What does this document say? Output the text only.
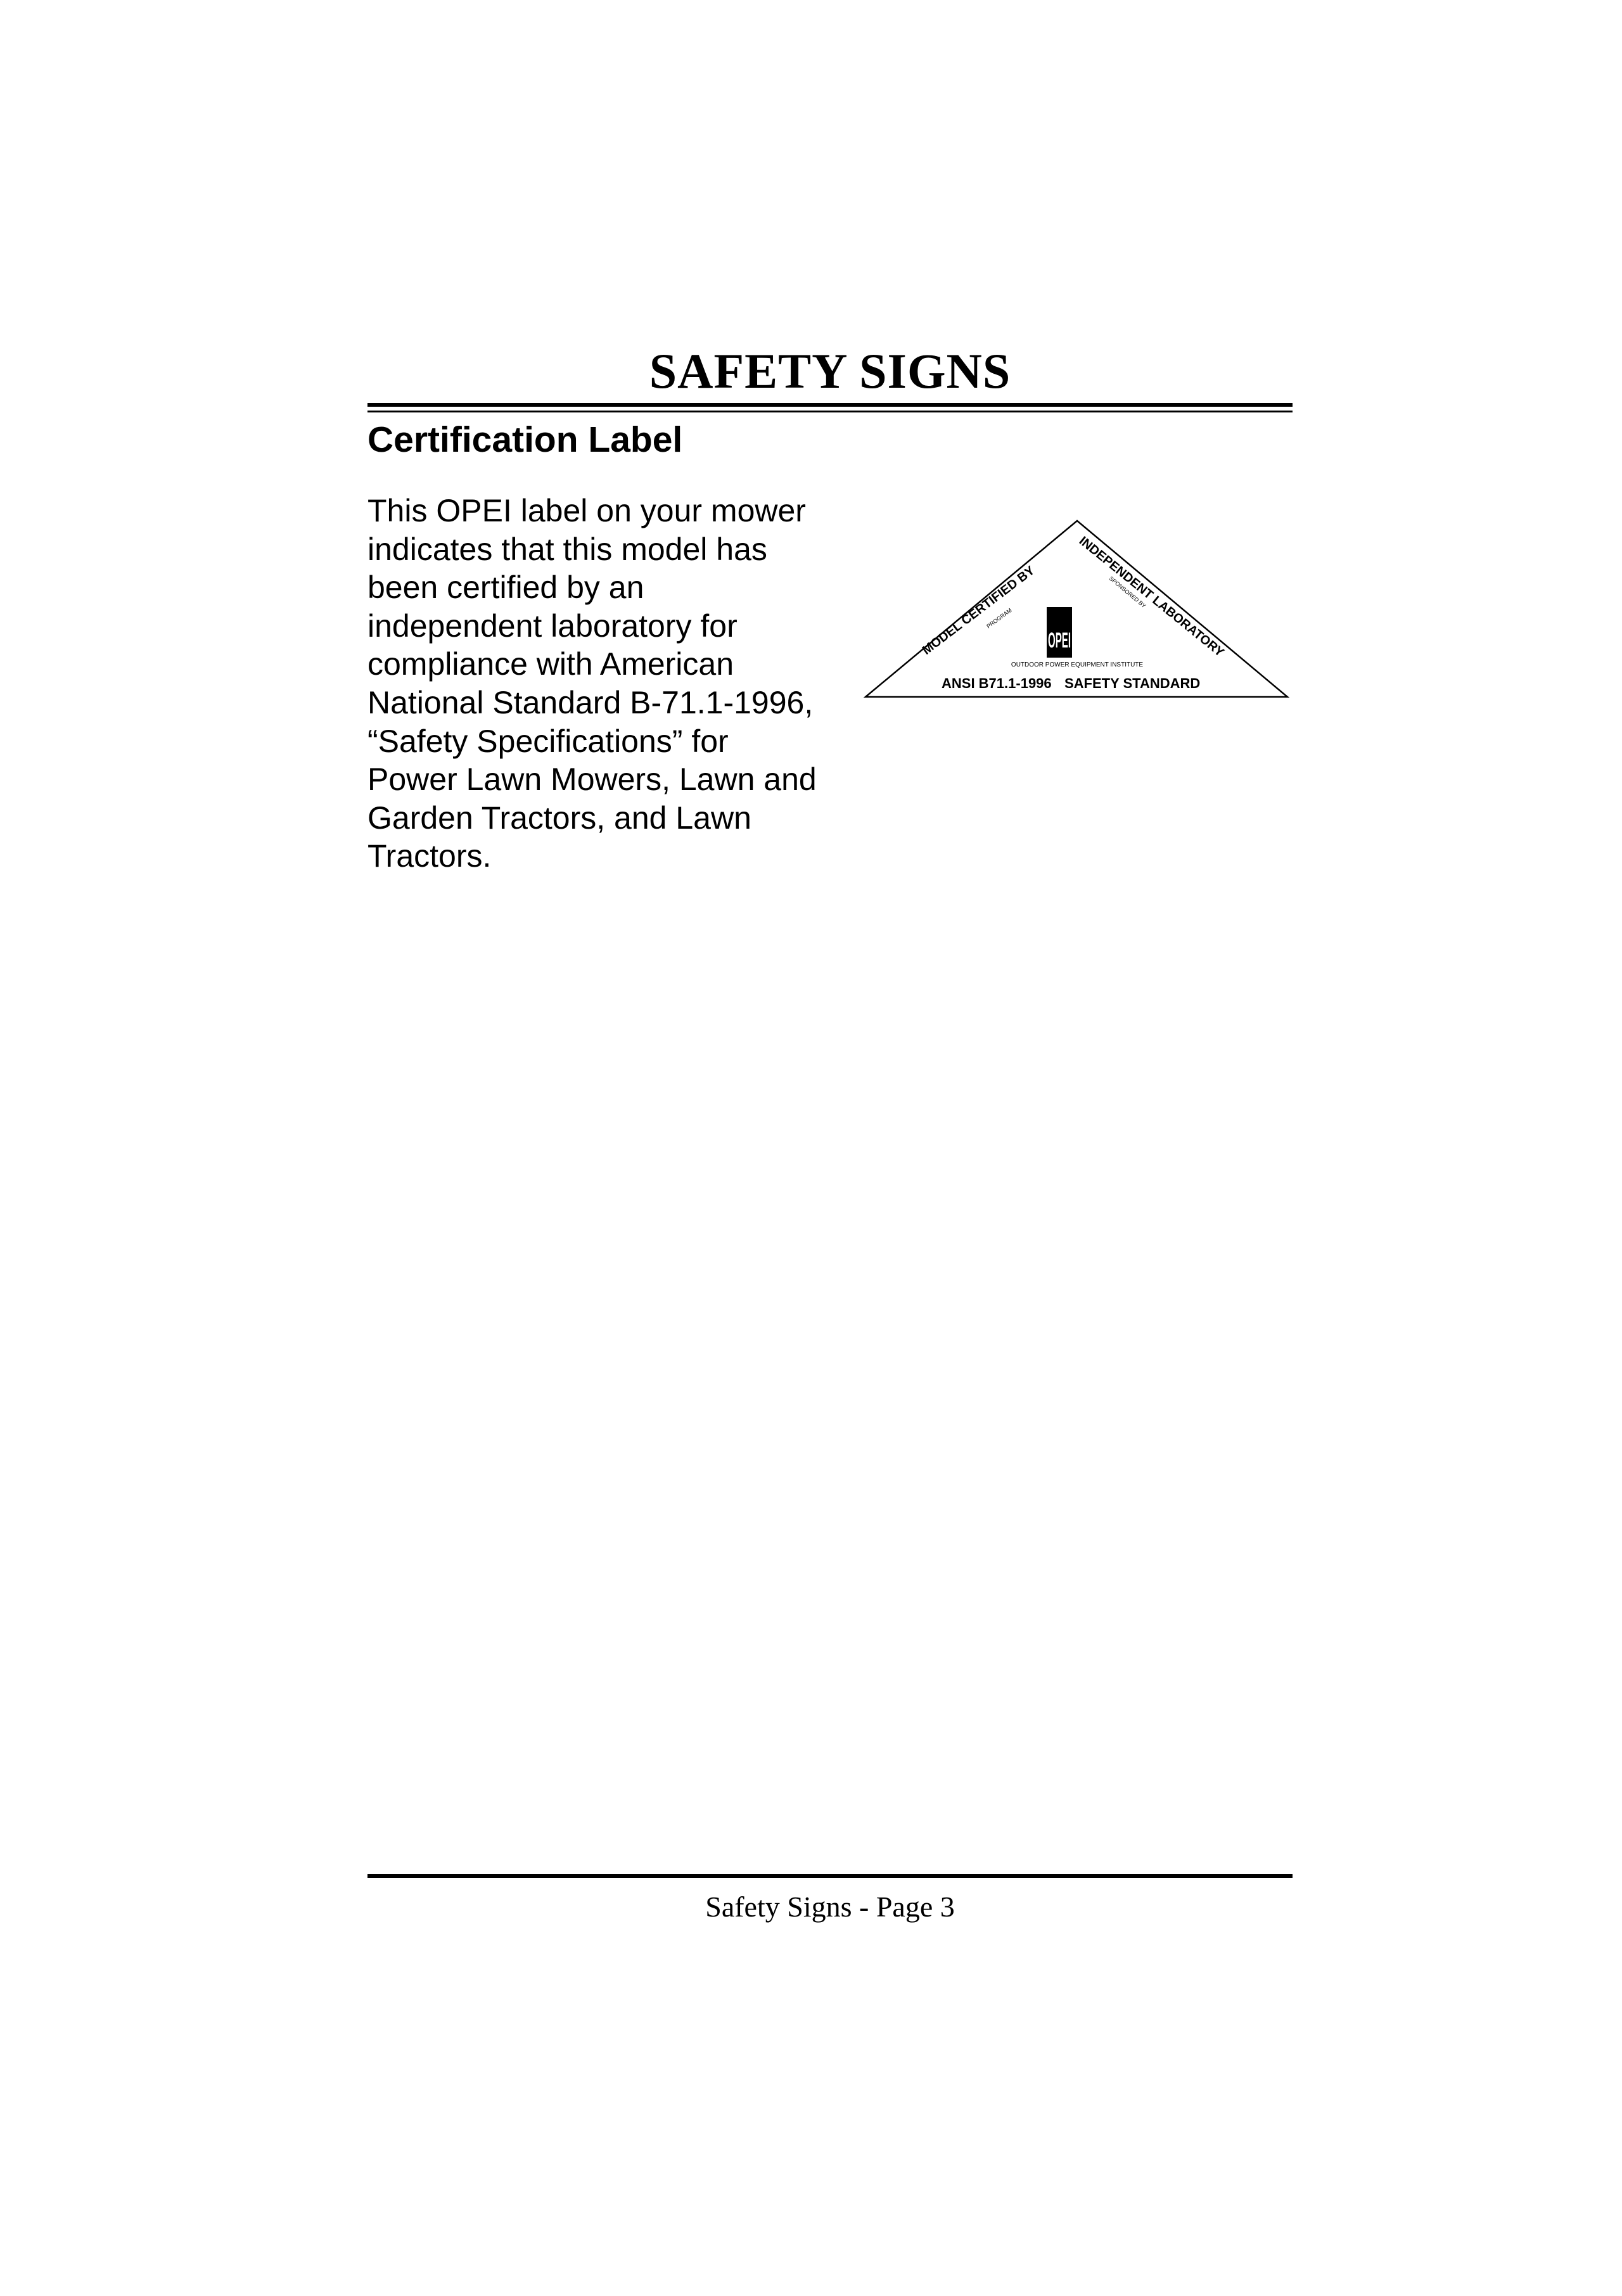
SAFETY SIGNS
Certification Label
This OPEI label on your mower
indicates that this model has
been certified by an
independent laboratory for
compliance with American
National Standard B-71.1-1996,
“Safety Specifications” for
Power Lawn Mowers, Lawn and
Garden Tractors, and Lawn
Tractors.
MODEL CERTIFIED BY
INDEPENDENT LABORATORY
PROGRAM
SPONSORED BY
OPEI
OUTDOOR POWER EQUIPMENT INSTITUTE
ANSI B71.1-1996 SAFETY STANDARD
Safety Signs - Page 3
